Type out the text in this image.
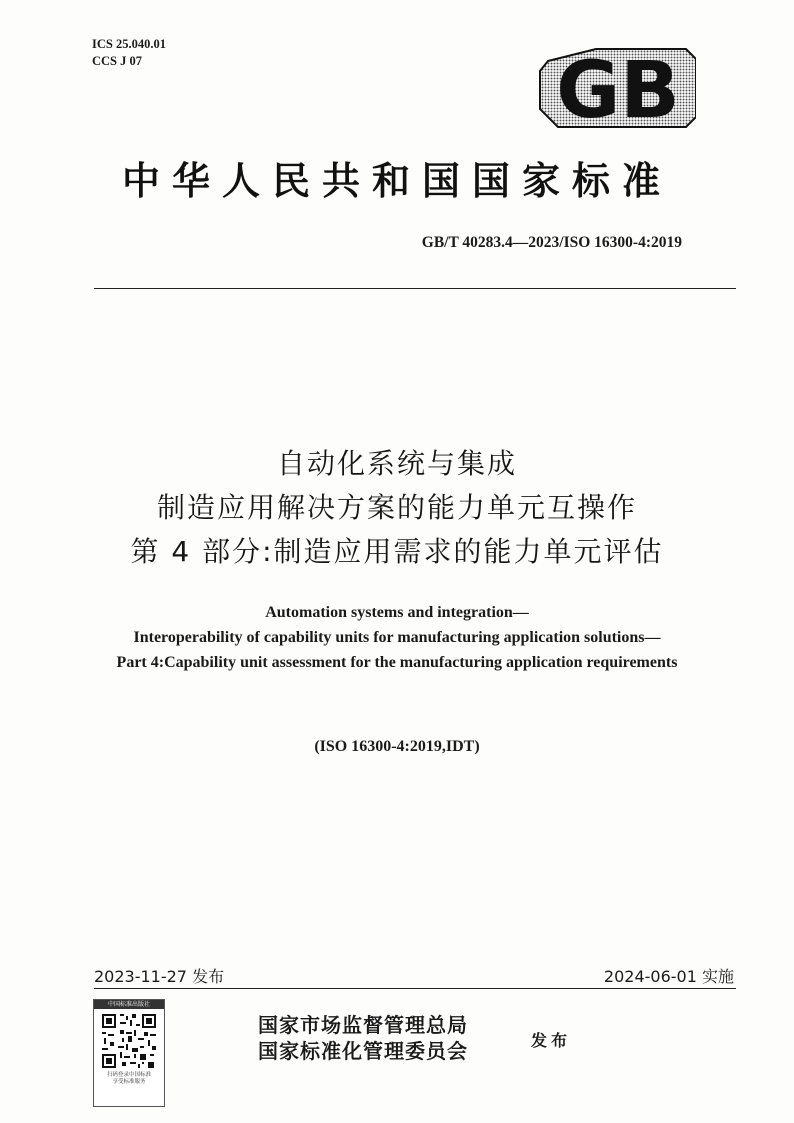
ICS 25.040.01
CCS J 07	GB
中华人民共和国国家标准
GB/T 40283.4—2023/ISO 16300-4:2019
自动化系统与集成
制造应用解决方案的能力单元互操作
第 4 部分:制造应用需求的能力单元评估
Automation systems and integration—
Interoperability of capability units for manufacturing application solutions—
Part 4:Capability unit assessment for the manufacturing application requirements
(ISO 16300-4:2019,IDT)
2023-11-27 发布	2024-06-01 实施
中国标准出版社
扫码登录中国标准
享受标准服务
国家市场监督管理总局
国家标准化管理委员会	发布
